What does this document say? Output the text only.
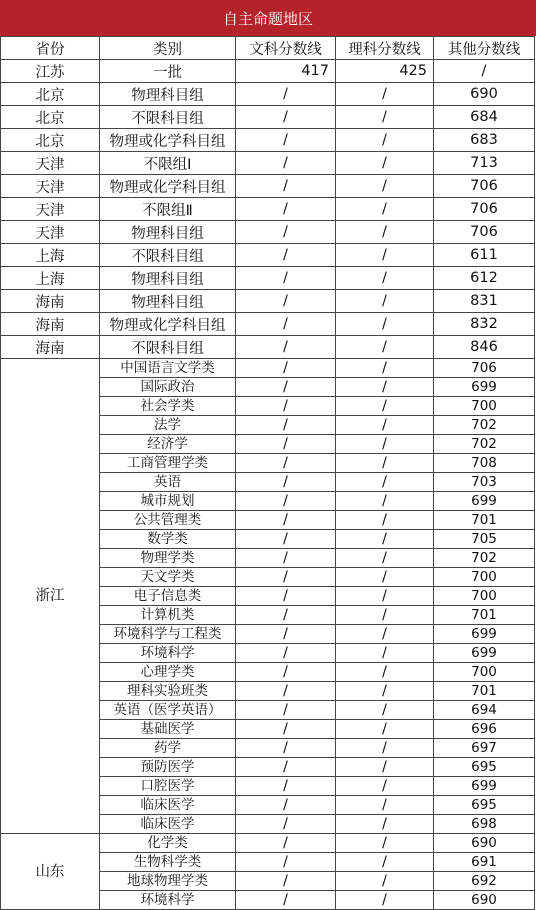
自主命题地区
省份	类别	文科分数线	理科分数线	其他分数线
江苏	一批	417	425	/
北京	物理科目组	/	/	690
北京	不限科目组	/	/	684
北京	物理或化学科目组	/	/	683
天津	不限组Ⅰ	/	/	713
天津	物理或化学科目组	/	/	706
天津	不限组Ⅱ	/	/	706
天津	物理科目组	/	/	706
上海	不限科目组	/	/	611
上海	物理科目组	/	/	612
海南	物理科目组	/	/	831
海南	物理或化学科目组	/	/	832
海南	不限科目组	/	/	846
浙江	中国语言文学类	/	/	706
	国际政治	/	/	699
	社会学类	/	/	700
	法学	/	/	702
	经济学	/	/	702
	工商管理学类	/	/	708
	英语	/	/	703
	城市规划	/	/	699
	公共管理类	/	/	701
	数学类	/	/	705
	物理学类	/	/	702
	天文学类	/	/	700
	电子信息类	/	/	700
	计算机类	/	/	701
	环境科学与工程类	/	/	699
	环境科学	/	/	699
	心理学类	/	/	700
	理科实验班类	/	/	701
	英语（医学英语）	/	/	694
	基础医学	/	/	696
	药学	/	/	697
	预防医学	/	/	695
	口腔医学	/	/	699
	临床医学	/	/	695
	临床医学	/	/	698
山东	化学类	/	/	690
	生物科学类	/	/	691
	地球物理学类	/	/	692
	环境科学	/	/	690
